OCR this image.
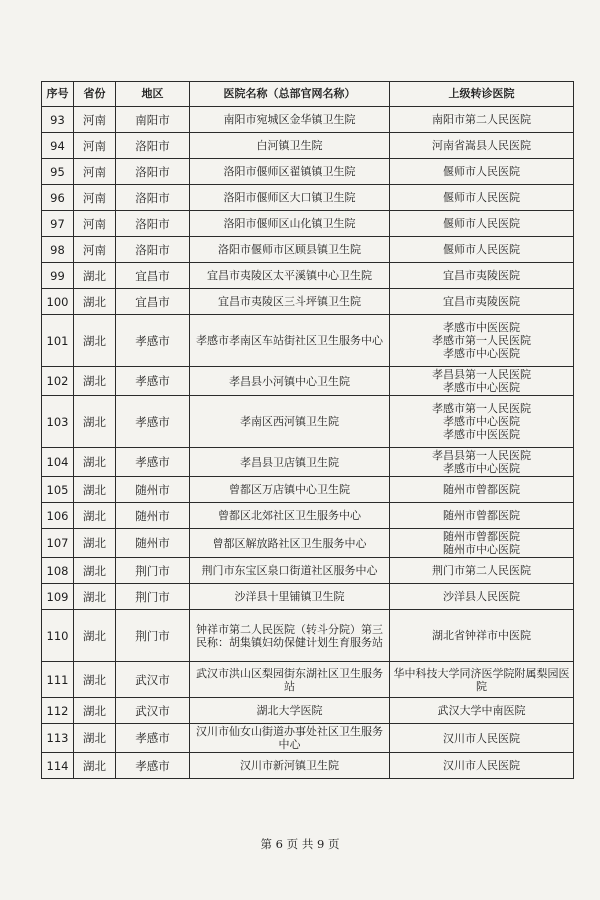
序号	省份	地区	医院名称（总部官网名称）	上级转诊医院
93	河南	南阳市	南阳市宛城区金华镇卫生院	南阳市第二人民医院

94	河南	洛阳市	白河镇卫生院	河南省嵩县人民医院

95	河南	洛阳市	洛阳市偃师区翟镇镇卫生院	偃师市人民医院

96	河南	洛阳市	洛阳市偃师区大口镇卫生院	偃师市人民医院

97	河南	洛阳市	洛阳市偃师区山化镇卫生院	偃师市人民医院

98	河南	洛阳市	洛阳市偃师市区顾县镇卫生院	偃师市人民医院

99	湖北	宜昌市	宜昌市夷陵区太平溪镇中心卫生院	宜昌市夷陵医院

100	湖北	宜昌市	宜昌市夷陵区三斗坪镇卫生院	宜昌市夷陵医院

101	湖北	孝感市	孝感市孝南区车站街社区卫生服务中心	孝感市中医医院
孝感市第一人民医院
孝感市中心医院

102	湖北	孝感市	孝昌县小河镇中心卫生院	孝昌县第一人民医院
孝感市中心医院

103	湖北	孝感市	孝南区西河镇卫生院	孝感市第一人民医院
孝感市中心医院
孝感市中医医院

104	湖北	孝感市	孝昌县卫店镇卫生院	孝昌县第一人民医院
孝感市中心医院

105	湖北	随州市	曾都区万店镇中心卫生院	随州市曾都医院

106	湖北	随州市	曾都区北郊社区卫生服务中心	随州市曾都医院

107	湖北	随州市	曾都区解放路社区卫生服务中心	随州市曾都医院
随州市中心医院

108	湖北	荆门市	荆门市东宝区泉口街道社区服务中心	荆门市第二人民医院

109	湖北	荆门市	沙洋县十里铺镇卫生院	沙洋县人民医院

110	湖北	荆门市	钟祥市第二人民医院（转斗分院）第三民称：胡集镇妇幼保健计划生育服务站	湖北省钟祥市中医院

111	湖北	武汉市	武汉市洪山区梨园街东湖社区卫生服务站	华中科技大学同济医学院附属梨园医院

112	湖北	武汉市	湖北大学医院	武汉大学中南医院

113	湖北	孝感市	汉川市仙女山街道办事处社区卫生服务中心	汉川市人民医院

114	湖北	孝感市	汉川市新河镇卫生院	汉川市人民医院
第 6 页 共 9 页
